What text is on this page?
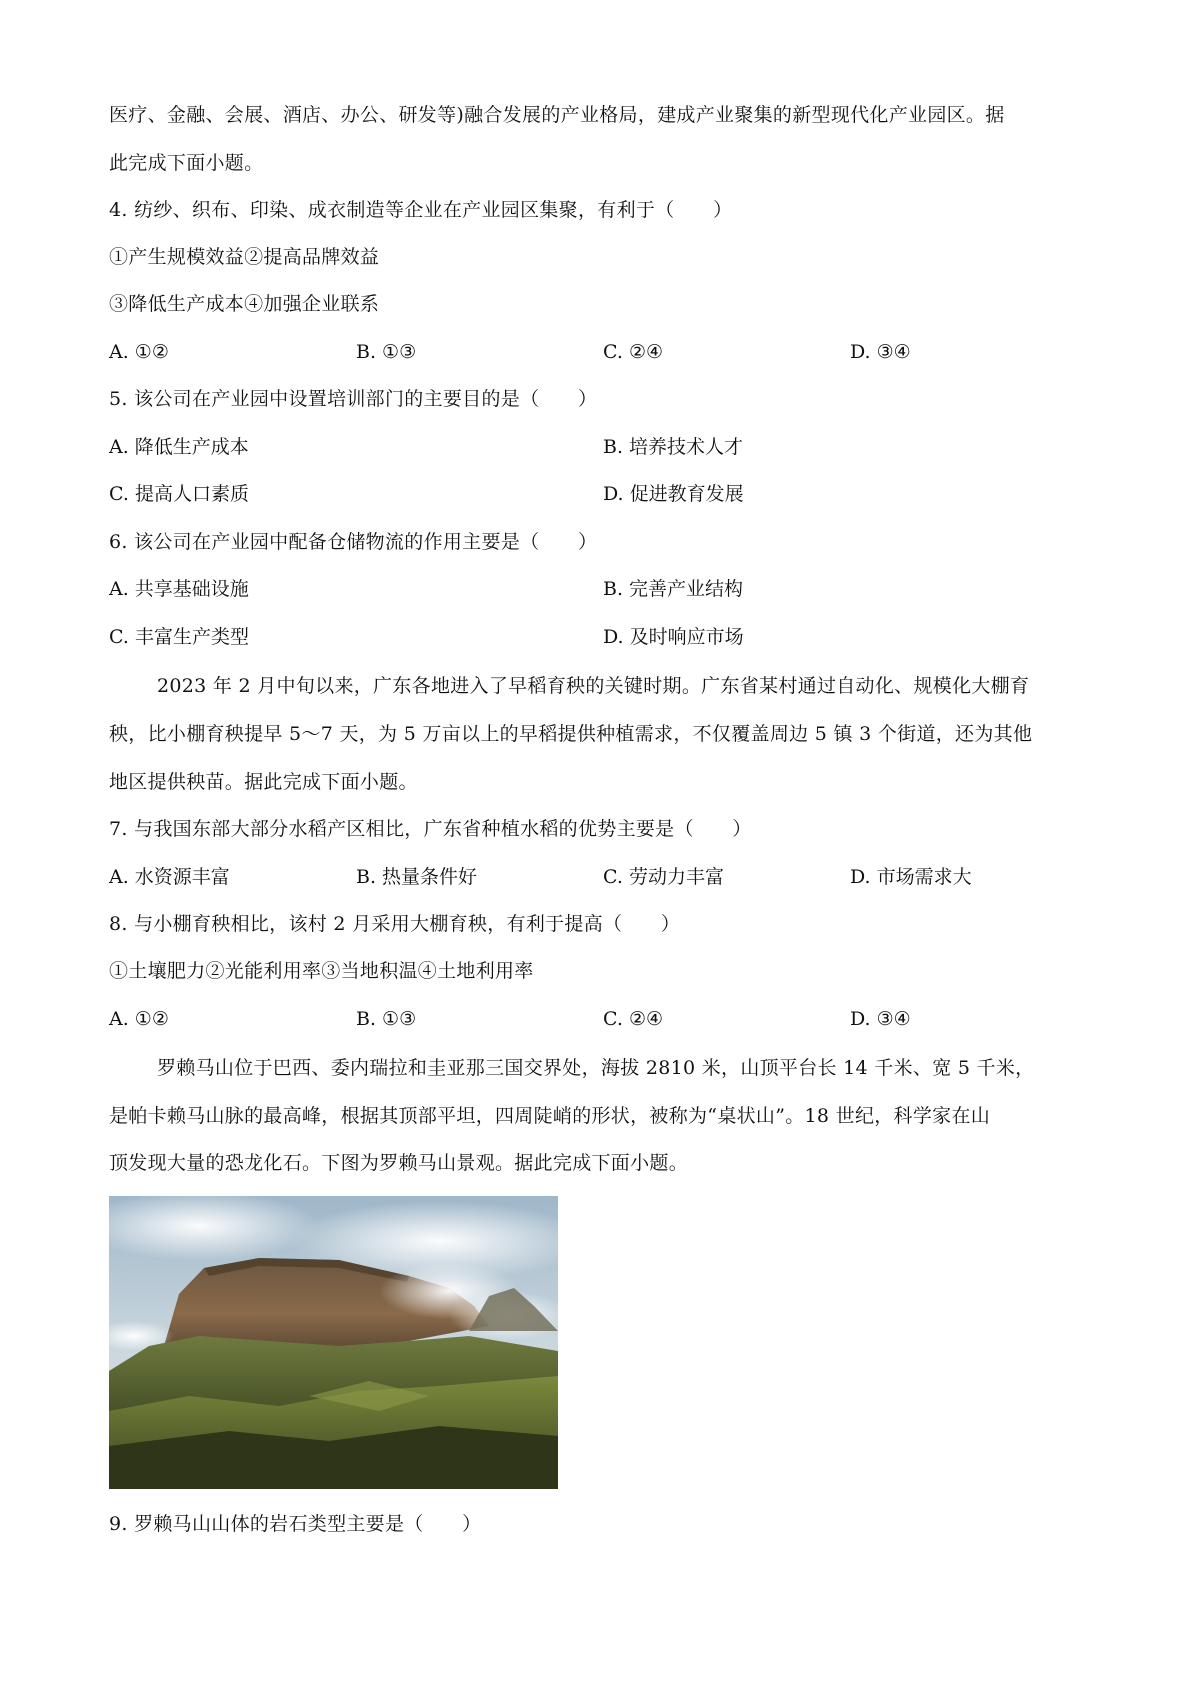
医疗、金融、会展、酒店、办公、研发等)融合发展的产业格局，建成产业聚集的新型现代化产业园区。据
此完成下面小题。
4. 纺纱、织布、印染、成衣制造等企业在产业园区集聚，有利于（　　）
①产生规模效益②提高品牌效益
③降低生产成本④加强企业联系
A. ①②	B. ①③	C. ②④	D. ③④
5. 该公司在产业园中设置培训部门的主要目的是（　　）
A. 降低生产成本	B. 培养技术人才
C. 提高人口素质	D. 促进教育发展
6. 该公司在产业园中配备仓储物流的作用主要是（　　）
A. 共享基础设施	B. 完善产业结构
C. 丰富生产类型	D. 及时响应市场
2023 年 2 月中旬以来，广东各地进入了早稻育秧的关键时期。广东省某村通过自动化、规模化大棚育
秧，比小棚育秧提早 5～7 天，为 5 万亩以上的早稻提供种植需求，不仅覆盖周边 5 镇 3 个街道，还为其他
地区提供秧苗。据此完成下面小题。
7. 与我国东部大部分水稻产区相比，广东省种植水稻的优势主要是（　　）
A. 水资源丰富	B. 热量条件好	C. 劳动力丰富	D. 市场需求大
8. 与小棚育秧相比，该村 2 月采用大棚育秧，有利于提高（　　）
①土壤肥力②光能利用率③当地积温④土地利用率
A. ①②	B. ①③	C. ②④	D. ③④
罗赖马山位于巴西、委内瑞拉和圭亚那三国交界处，海拔 2810 米，山顶平台长 14 千米、宽 5 千米，
是帕卡赖马山脉的最高峰，根据其顶部平坦，四周陡峭的形状，被称为“桌状山”。18 世纪，科学家在山
顶发现大量的恐龙化石。下图为罗赖马山景观。据此完成下面小题。
9. 罗赖马山山体的岩石类型主要是（　　）
